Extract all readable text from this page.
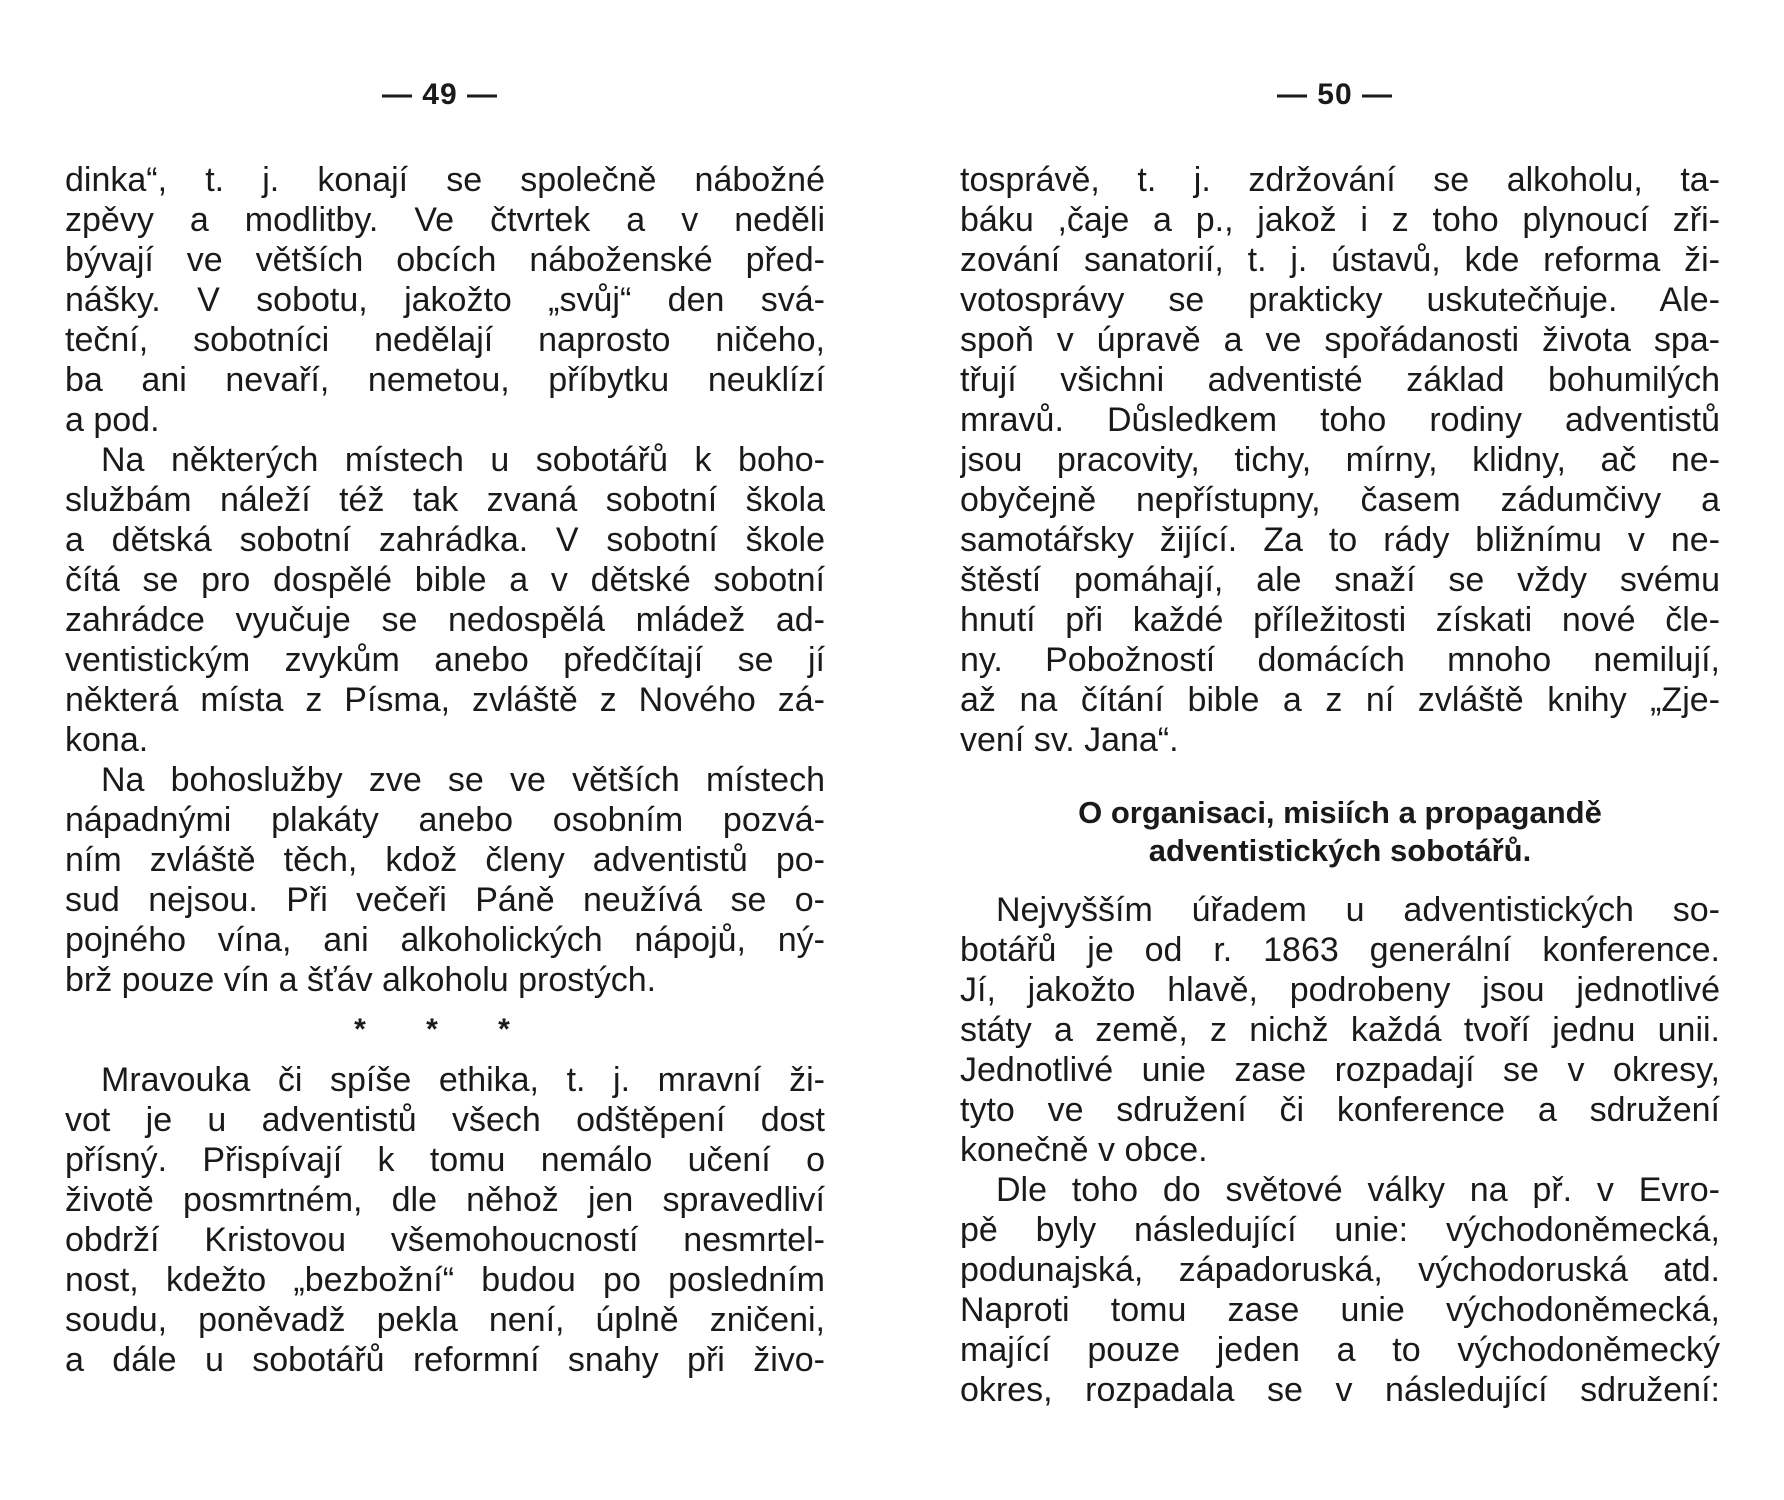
— 49 —
dinka“, t. j. konají se společně nábožné
zpěvy a modlitby. Ve čtvrtek a v neděli
bývají ve větších obcích náboženské před-
nášky. V sobotu, jakožto „svůj“ den svá-
teční, sobotníci nedělají naprosto ničeho,
ba ani nevaří, nemetou, příbytku neuklízí
a pod.
Na některých místech u sobotářů k boho-
službám náleží též tak zvaná sobotní škola
a dětská sobotní zahrádka. V sobotní škole
čítá se pro dospělé bible a v dětské sobotní
zahrádce vyučuje se nedospělá mládež ad-
ventistickým zvykům anebo předčítají se jí
některá místa z Písma, zvláště z Nového zá-
kona.
Na bohoslužby zve se ve větších místech
nápadnými plakáty anebo osobním pozvá-
ním zvláště těch, kdož členy adventistů po-
sud nejsou. Při večeři Páně neužívá se o-
pojného vína, ani alkoholických nápojů, ný-
brž pouze vín a šťáv alkoholu prostých.
* * *
Mravouka či spíše ethika, t. j. mravní ži-
vot je u adventistů všech odštěpení dost
přísný. Přispívají k tomu nemálo učení o
životě posmrtném, dle něhož jen spravedliví
obdrží Kristovou všemohoucností nesmrtel-
nost, kdežto „bezbožní“ budou po posledním
soudu, poněvadž pekla není, úplně zničeni,
a dále u sobotářů reformní snahy při živo-
— 50 —
tosprávě, t. j. zdržování se alkoholu, ta-
báku ,čaje a p., jakož i z toho plynoucí zři-
zování sanatorií, t. j. ústavů, kde reforma ži-
votosprávy se prakticky uskutečňuje. Ale-
spoň v úpravě a ve spořádanosti života spa-
třují všichni adventisté základ bohumilých
mravů. Důsledkem toho rodiny adventistů
jsou pracovity, tichy, mírny, klidny, ač ne-
obyčejně nepřístupny, časem zádumčivy a
samotářsky žijící. Za to rády bližnímu v ne-
štěstí pomáhají, ale snaží se vždy svému
hnutí při každé příležitosti získati nové čle-
ny. Pobožností domácích mnoho nemilují,
až na čítání bible a z ní zvláště knihy „Zje-
vení sv. Jana“.
O organisaci, misiích a propagandě
adventistických sobotářů.
Nejvyšším úřadem u adventistických so-
botářů je od r. 1863 generální konference.
Jí, jakožto hlavě, podrobeny jsou jednotlivé
státy a země, z nichž každá tvoří jednu unii.
Jednotlivé unie zase rozpadají se v okresy,
tyto ve sdružení či konference a sdružení
konečně v obce.
Dle toho do světové války na př. v Evro-
pě byly následující unie: východoněmecká,
podunajská, západoruská, východoruská atd.
Naproti tomu zase unie východoněmecká,
mající pouze jeden a to východoněmecký
okres, rozpadala se v následující sdružení:
